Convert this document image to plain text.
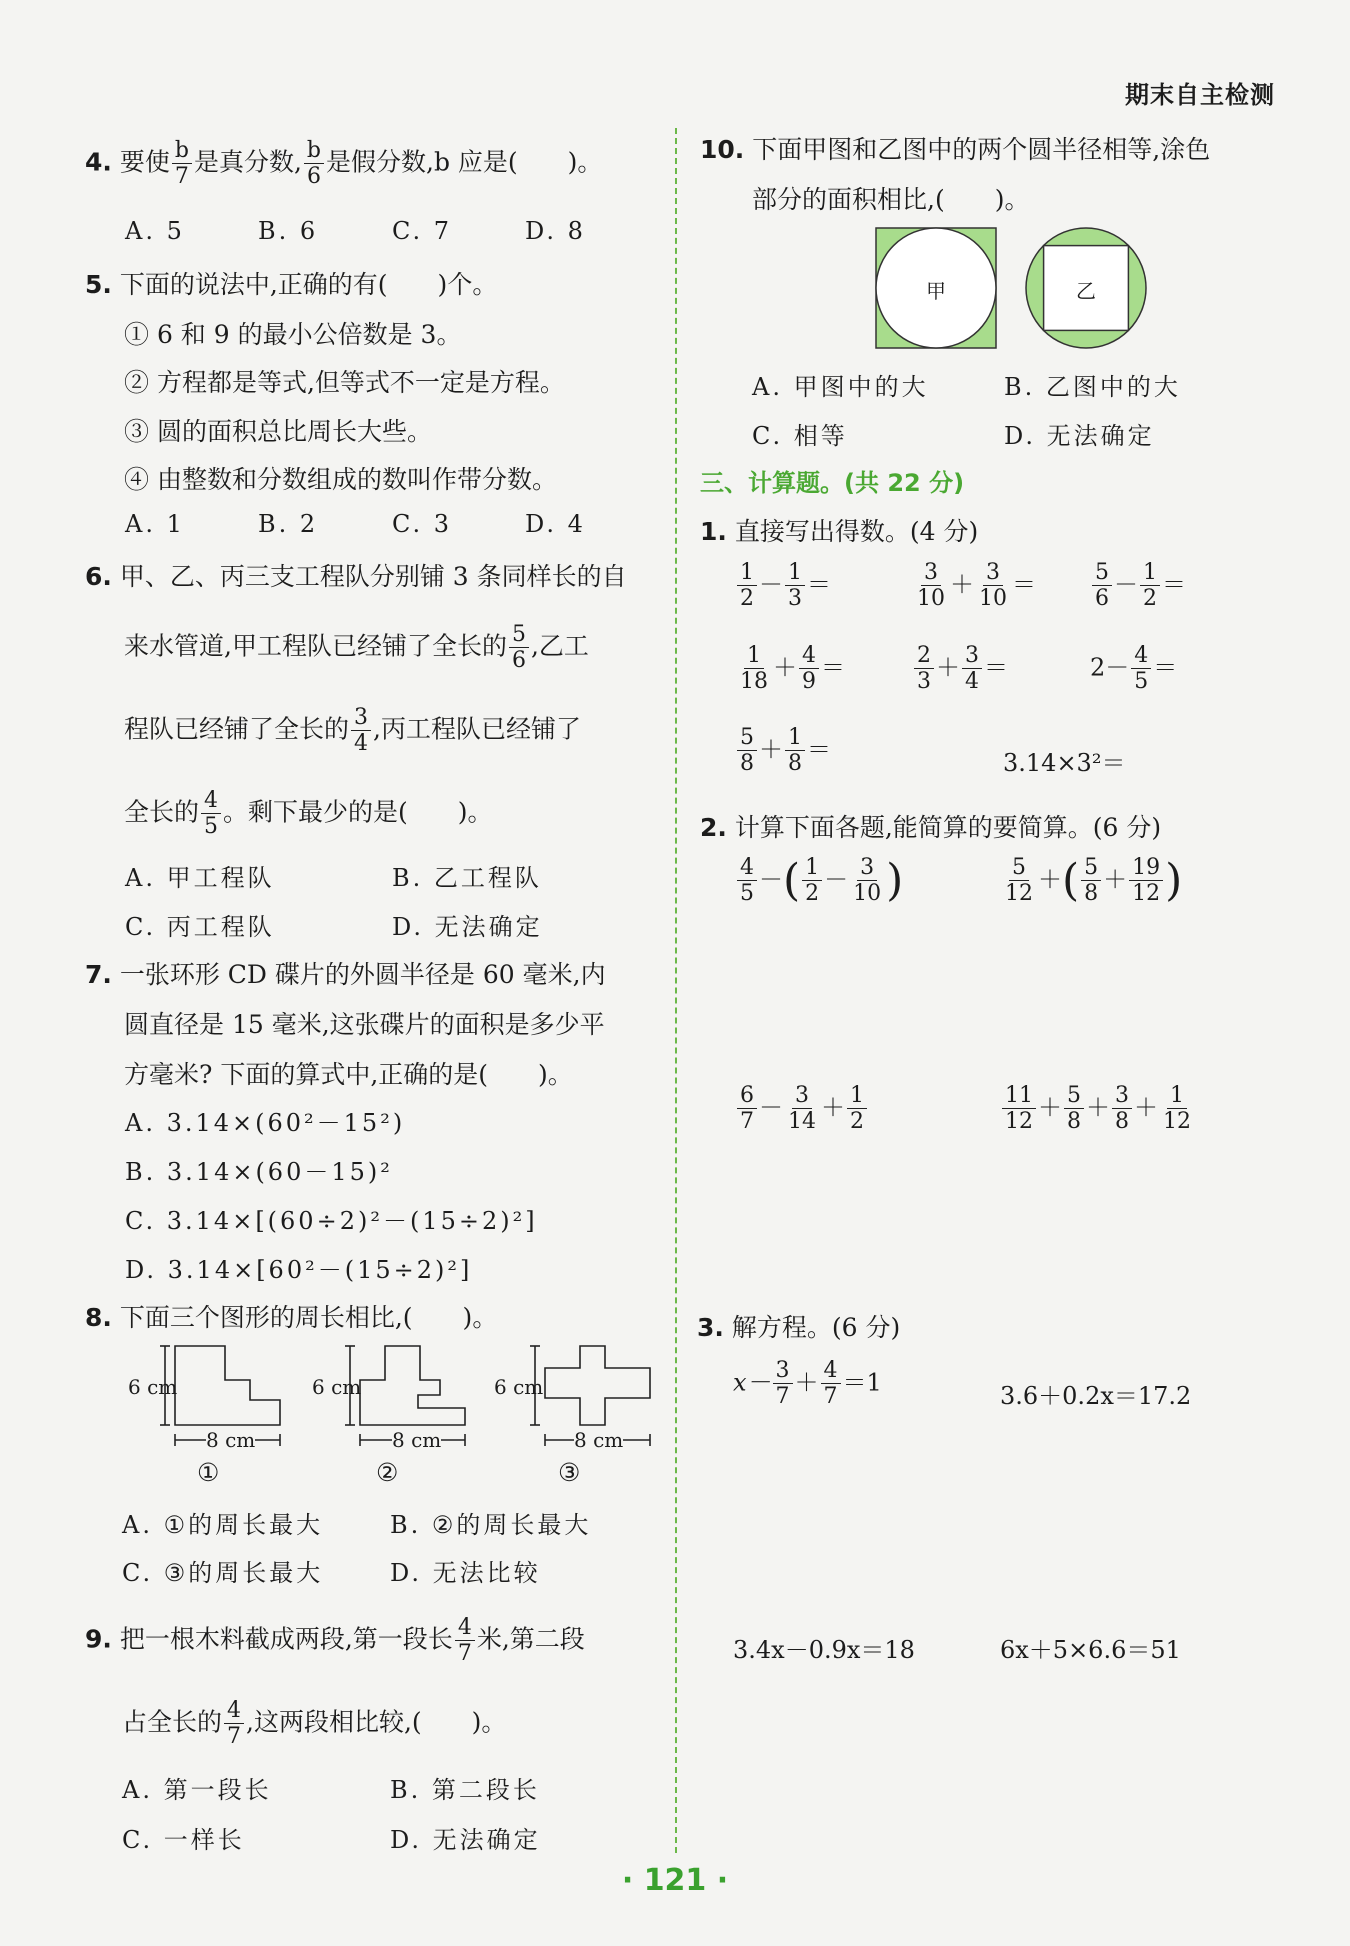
期末自主检测
4. 要使 $\frac{b}{7}$ 是真分数, $\frac{b}{6}$ 是假分数,b 应是(　　)。
A. 5	B. 6	C. 7	D. 8
5. 下面的说法中,正确的有(　　)个。
① 6 和 9 的最小公倍数是 3。
② 方程都是等式,但等式不一定是方程。
③ 圆的面积总比周长大些。
④ 由整数和分数组成的数叫作带分数。
A. 1	B. 2	C. 3	D. 4
6. 甲、乙、丙三支工程队分别铺 3 条同样长的自
来水管道,甲工程队已经铺了全长的 $\frac{5}{6}$ ,乙工
程队已经铺了全长的 $\frac{3}{4}$ ,丙工程队已经铺了
全长的 $\frac{4}{5}$ 。剩下最少的是(　　)。
A. 甲工程队	B. 乙工程队
C. 丙工程队	D. 无法确定
7. 一张环形 CD 碟片的外圆半径是 60 毫米,内
圆直径是 15 毫米,这张碟片的面积是多少平
方毫米? 下面的算式中,正确的是(　　)。
A. 3.14×(60²－15²)
B. 3.14×(60－15)²
C. 3.14×[(60÷2)²－(15÷2)²]
D. 3.14×[60²－(15÷2)²]
8. 下面三个图形的周长相比,(　　)。
6 cm	6 cm	6 cm
8 cm	8 cm	8 cm
①	②	③
A. ①的周长最大	B. ②的周长最大
C. ③的周长最大	D. 无法比较
9. 把一根木料截成两段,第一段长 $\frac{4}{7}$ 米,第二段
占全长的 $\frac{4}{7}$ ,这两段相比较,(　　)。
A. 第一段长	B. 第二段长
C. 一样长	D. 无法确定
10. 下面甲图和乙图中的两个圆半径相等,涂色
部分的面积相比,(　　)。
甲	乙
A. 甲图中的大	B. 乙图中的大
C. 相等	D. 无法确定
三、计算题。(共 22 分)
1. 直接写出得数。(4 分)
$\frac{1}{2} - \frac{1}{3}$ ＝	$\frac{3}{10} + \frac{3}{10}$ ＝	$\frac{5}{6} - \frac{1}{2}$ ＝
$\frac{1}{18} + \frac{4}{9}$ ＝	$\frac{2}{3} + \frac{3}{4}$ ＝	$2- \frac{4}{5}$ ＝
$\frac{5}{8} + \frac{1}{8}$ ＝	3.14×3²＝
2. 计算下面各题,能简算的要简算。(6 分)
$\frac{4}{5}$ －( $\frac{1}{2} - \frac{3}{10}$ )	$\frac{5}{12}$ ＋( $\frac{5}{8} + \frac{19}{12}$ )
$\frac{6}{7} - \frac{3}{14} + \frac{1}{2}$	$\frac{11}{12} + \frac{5}{8} + \frac{3}{8} + \frac{1}{12}$
3. 解方程。(6 分)
$x- \frac{3}{7} + \frac{4}{7} =1$	3.6＋0.2x＝17.2
3.4x－0.9x＝18	6x＋5×6.6＝51
· 121 ·
